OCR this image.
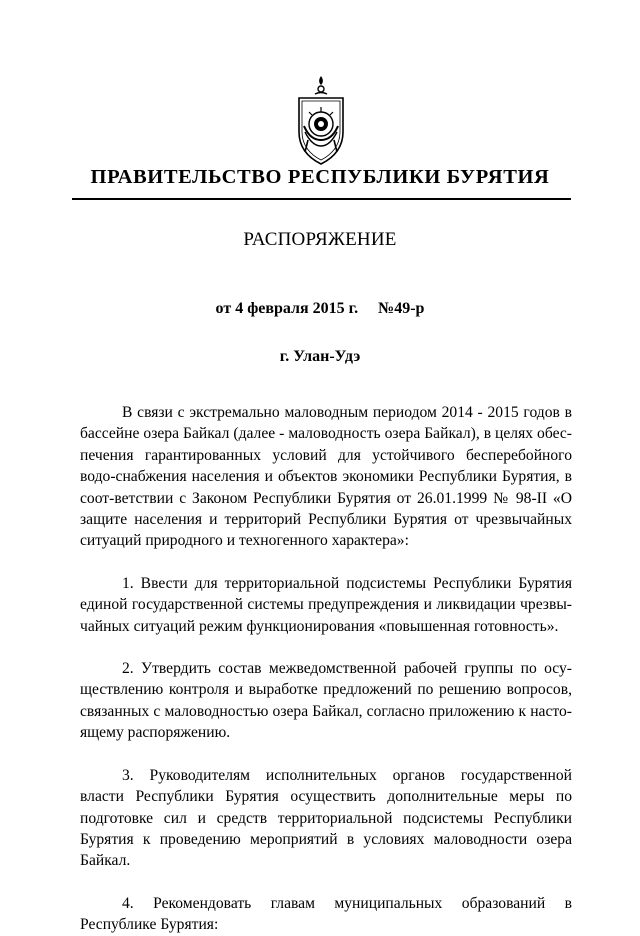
ПРАВИТЕЛЬСТВО РЕСПУБЛИКИ БУРЯТИЯ
РАСПОРЯЖЕНИЕ
от 4 февраля 2015 г. №49-р
г. Улан-Удэ

В связи с экстремально маловодным периодом 2014 - 2015 годов в бассейне озера Байкал (далее - маловодность озера Байкал), в целях обес-печения гарантированных условий для устойчивого бесперебойного водо-снабжения населения и объектов экономики Республики Бурятия, в соот-ветствии с Законом Республики Бурятия от 26.01.1999 № 98-II «О защите населения и территорий Республики Бурятия от чрезвычайных ситуаций природного и техногенного характера»:

1. Ввести для территориальной подсистемы Республики Бурятия единой государственной системы предупреждения и ликвидации чрезвы-чайных ситуаций режим функционирования «повышенная готовность».

2. Утвердить состав межведомственной рабочей группы по осу-ществлению контроля и выработке предложений по решению вопросов, связанных с маловодностью озера Байкал, согласно приложению к насто-ящему распоряжению.

3. Руководителям исполнительных органов государственной власти Республики Бурятия осуществить дополнительные меры по подготовке сил и средств территориальной подсистемы Республики Бурятия к проведению мероприятий в условиях маловодности озера Байкал.

4. Рекомендовать главам муниципальных образований в Республике Бурятия:
